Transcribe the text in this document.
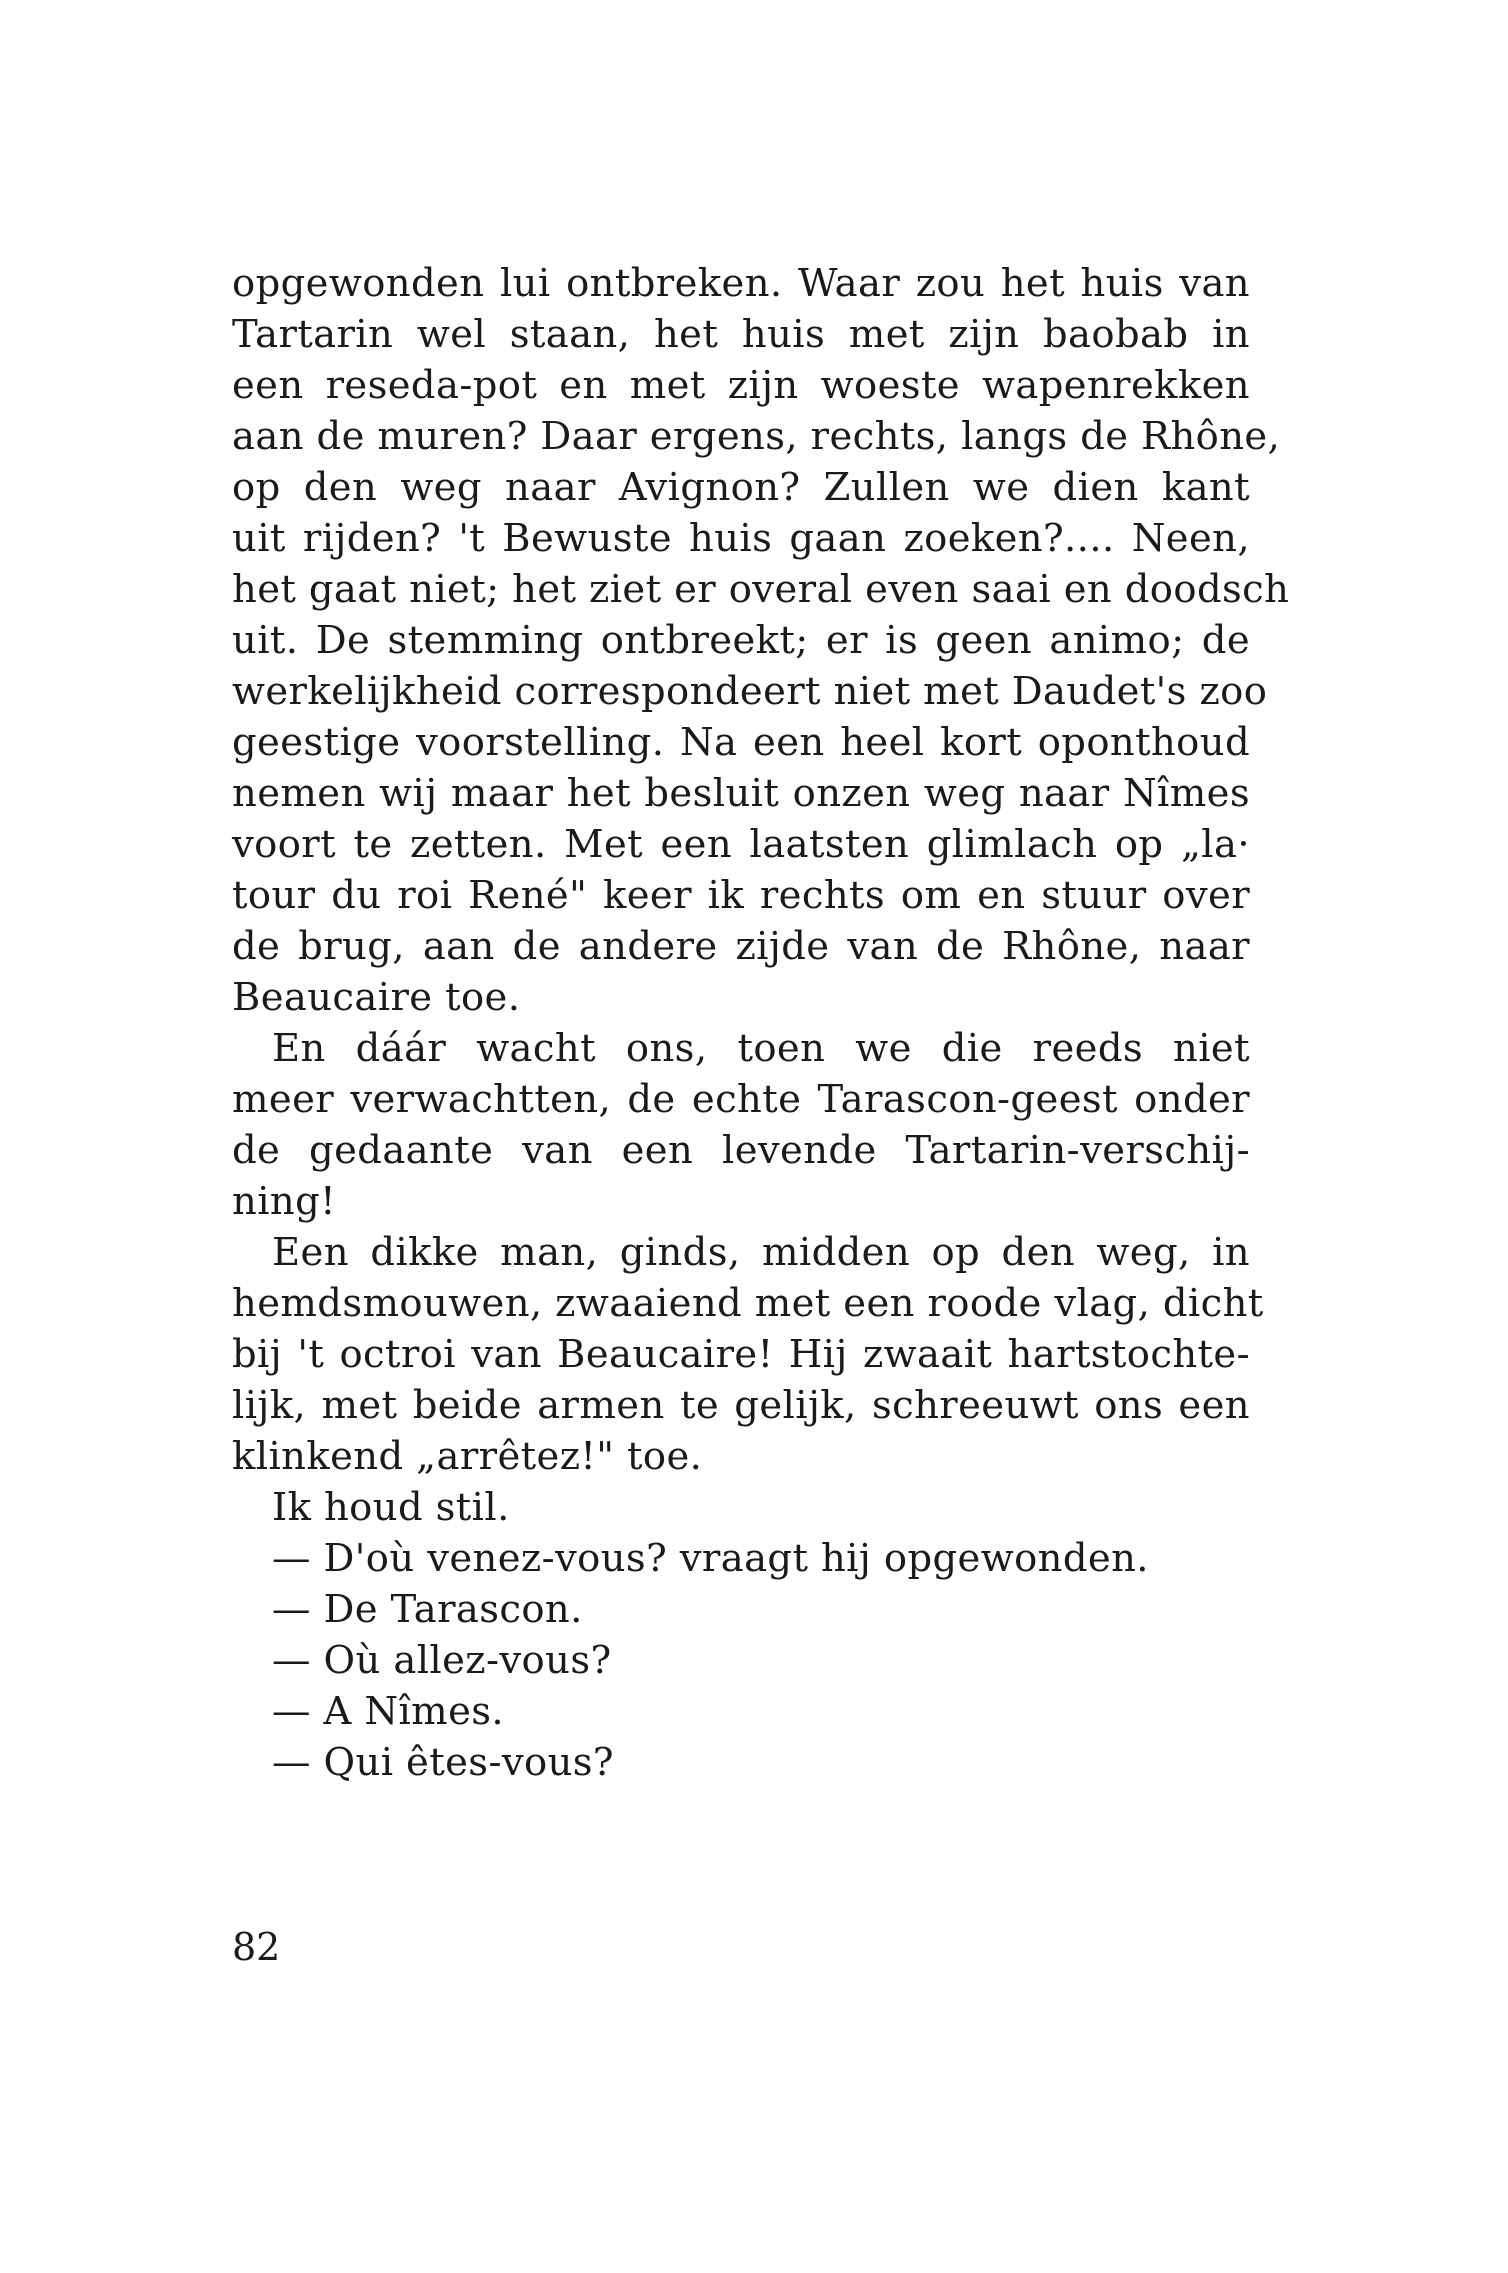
opgewonden lui ontbreken. Waar zou het huis van
Tartarin wel staan, het huis met zijn baobab in
een reseda-pot en met zijn woeste wapenrekken
aan de muren? Daar ergens, rechts, langs de Rhône,
op den weg naar Avignon? Zullen we dien kant
uit rijden? 't Bewuste huis gaan zoeken?.... Neen,
het gaat niet; het ziet er overal even saai en doodsch
uit. De stemming ontbreekt; er is geen animo; de
werkelijkheid correspondeert niet met Daudet's zoo
geestige voorstelling. Na een heel kort oponthoud
nemen wij maar het besluit onzen weg naar Nîmes
voort te zetten. Met een laatsten glimlach op „la·
tour du roi René" keer ik rechts om en stuur over
de brug, aan de andere zijde van de Rhône, naar
Beaucaire toe.
En dáár wacht ons, toen we die reeds niet
meer verwachtten, de echte Tarascon-geest onder
de gedaante van een levende Tartarin-verschij-
ning!
Een dikke man, ginds, midden op den weg, in
hemdsmouwen, zwaaiend met een roode vlag, dicht
bij 't octroi van Beaucaire! Hij zwaait hartstochte-
lijk, met beide armen te gelijk, schreeuwt ons een
klinkend „arrêtez!" toe.
Ik houd stil.
— D'où venez-vous? vraagt hij opgewonden.
— De Tarascon.
— Où allez-vous?
— A Nîmes.
— Qui êtes-vous?
82
